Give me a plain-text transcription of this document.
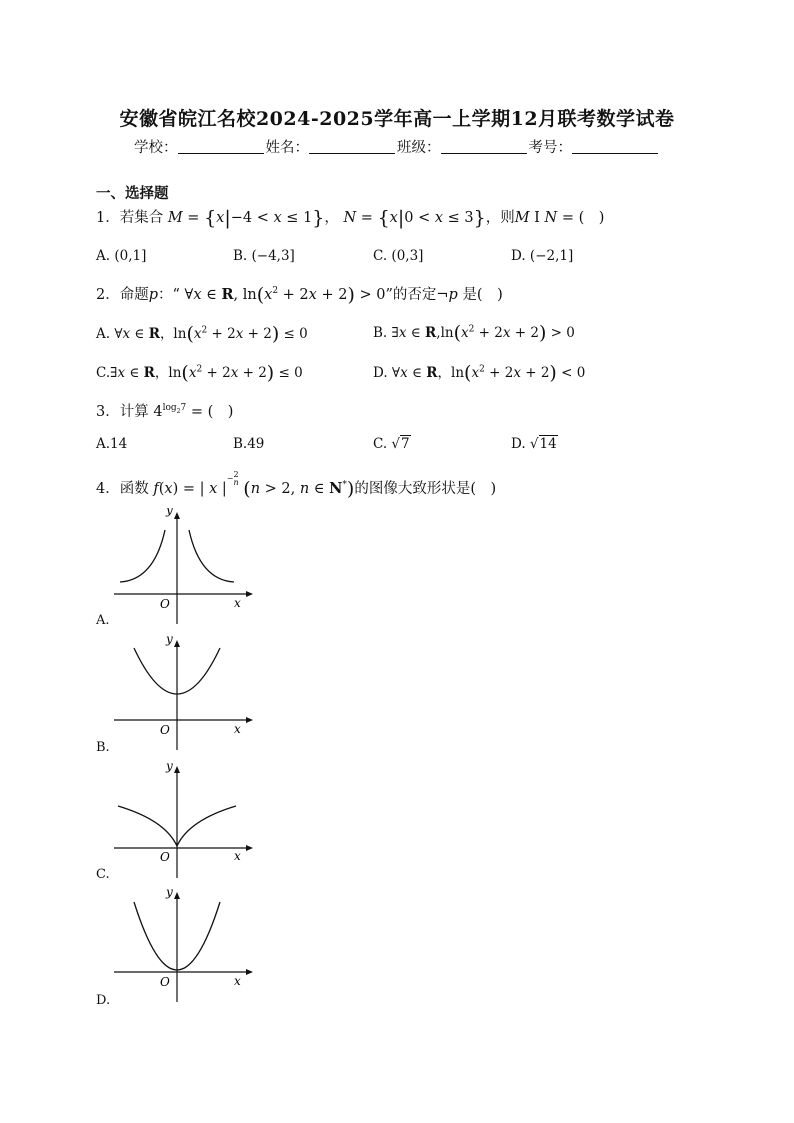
安徽省皖江名校2024-2025学年高一上学期12月联考数学试卷
学校：	姓名：	班级：	考号：
一、选择题
1．若集合 M = {x|−4 < x ≤ 1}， N = {x|0 < x ≤ 3}，则M I N = (　)
A. (0,1]	B. (−4,3]	C. (0,3]	D. (−2,1]
2．命题p：“ ∀x ∈ R, $\ln(x^2 + 2x + 2) > 0$”的否定¬p 是(　)
A. ∀x ∈ R，$\ln(x^2 + 2x + 2) \le 0$	B. ∃x ∈ $R,\ln(x^2 + 2x + 2) > 0$
C.∃x ∈ R，$\ln(x^2 + 2x + 2) \le 0$	D. ∀x ∈ R，$\ln(x^2 + 2x + 2) < 0$
3．计算 $4^{log_27}$ = (　)
A.14	B.49	C. √7	D. √14
4．函数 f(x) = | x $|^{-2 n}$ (n > 2, n ∈ N*)的图像大致形状是(　)
y
O	x
A.
y
O	x
B.
y
O	x
C.
y
O	x
D.
